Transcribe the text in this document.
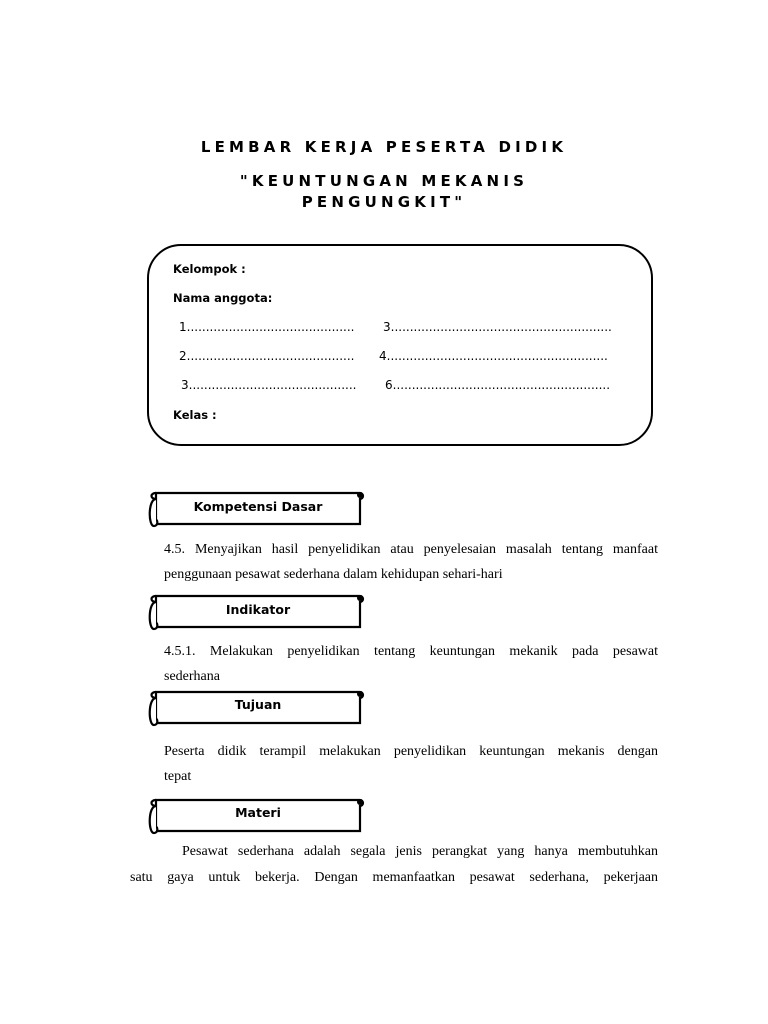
LEMBAR KERJA PESERTA DIDIK
"KEUNTUNGAN MEKANIS
PENGUNGKIT"
Kelompok :
Nama anggota:
1............................................ 3..........................................................
2............................................ 4..........................................................
3............................................ 6.........................................................
Kelas :
Kompetensi Dasar
4.5. Menyajikan hasil penyelidikan atau penyelesaian masalah tentang manfaat
penggunaan pesawat sederhana dalam kehidupan sehari-hari
Indikator
4.5.1. Melakukan penyelidikan tentang keuntungan mekanik pada pesawat
sederhana
Tujuan
Peserta didik terampil melakukan penyelidikan keuntungan mekanis dengan
tepat
Materi
Pesawat sederhana adalah segala jenis perangkat yang hanya membutuhkan
satu gaya untuk bekerja. Dengan memanfaatkan pesawat sederhana, pekerjaan
